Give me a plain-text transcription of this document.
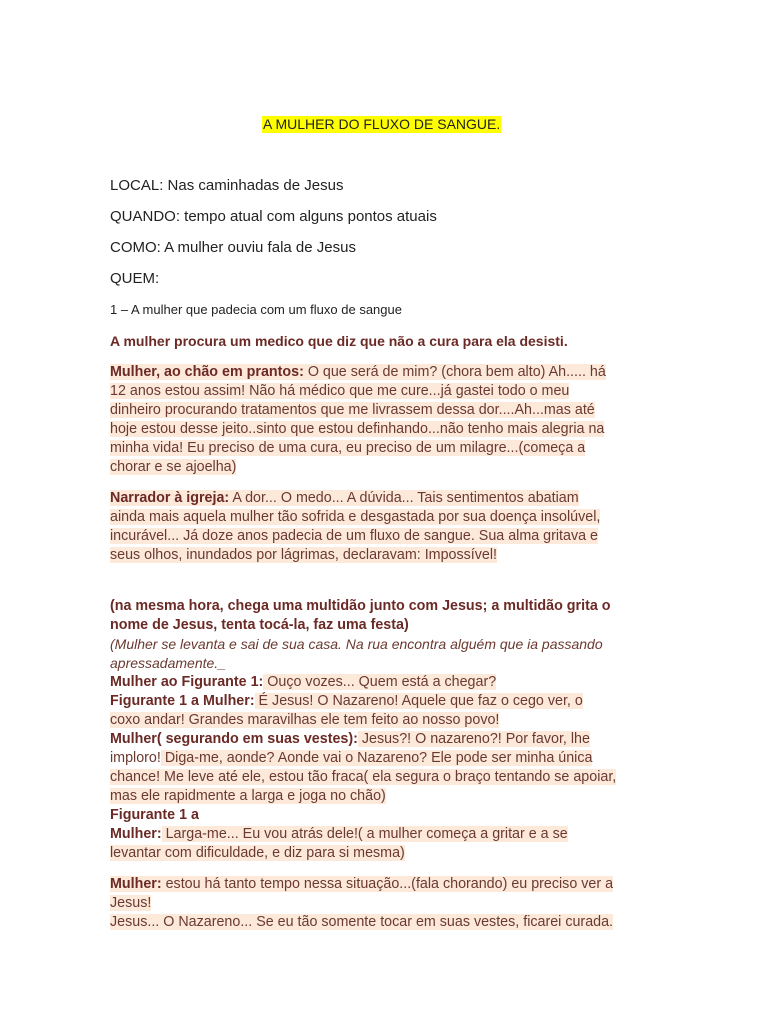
A MULHER DO FLUXO DE SANGUE.
LOCAL: Nas caminhadas de Jesus
QUANDO: tempo atual com alguns pontos atuais
COMO: A mulher ouviu fala de Jesus
QUEM:
1 – A mulher que padecia com um fluxo de sangue
A mulher procura um medico que diz que não a cura para ela desisti.
Mulher, ao chão em prantos: O que será de mim? (chora bem alto) Ah..... há
12 anos estou assim! Não há médico que me cure...já gastei todo o meu
dinheiro procurando tratamentos que me livrassem dessa dor....Ah...mas até
hoje estou desse jeito..sinto que estou definhando...não tenho mais alegria na
minha vida! Eu preciso de uma cura, eu preciso de um milagre...(começa a
chorar e se ajoelha)
Narrador à igreja: A dor... O medo... A dúvida... Tais sentimentos abatiam
ainda mais aquela mulher tão sofrida e desgastada por sua doença insolúvel,
incurável... Já doze anos padecia de um fluxo de sangue. Sua alma gritava e
seus olhos, inundados por lágrimas, declaravam: Impossível!
(na mesma hora, chega uma multidão junto com Jesus; a multidão grita o
nome de Jesus, tenta tocá-la, faz uma festa)
(Mulher se levanta e sai de sua casa. Na rua encontra alguém que ia passando
apressadamente._
Mulher ao Figurante 1: Ouço vozes... Quem está a chegar?
Figurante 1 a Mulher: É Jesus! O Nazareno! Aquele que faz o cego ver, o
coxo andar! Grandes maravilhas ele tem feito ao nosso povo!
Mulher( segurando em suas vestes): Jesus?! O nazareno?! Por favor, lhe
imploro! Diga-me, aonde? Aonde vai o Nazareno? Ele pode ser minha única
chance! Me leve até ele, estou tão fraca( ela segura o braço tentando se apoiar,
mas ele rapidmente a larga e joga no chão)
Figurante 1 a
Mulher: Larga-me... Eu vou atrás dele!( a mulher começa a gritar e a se
levantar com dificuldade, e diz para si mesma)
Mulher: estou há tanto tempo nessa situação...(fala chorando) eu preciso ver a
Jesus!
Jesus... O Nazareno... Se eu tão somente tocar em suas vestes, ficarei curada.
